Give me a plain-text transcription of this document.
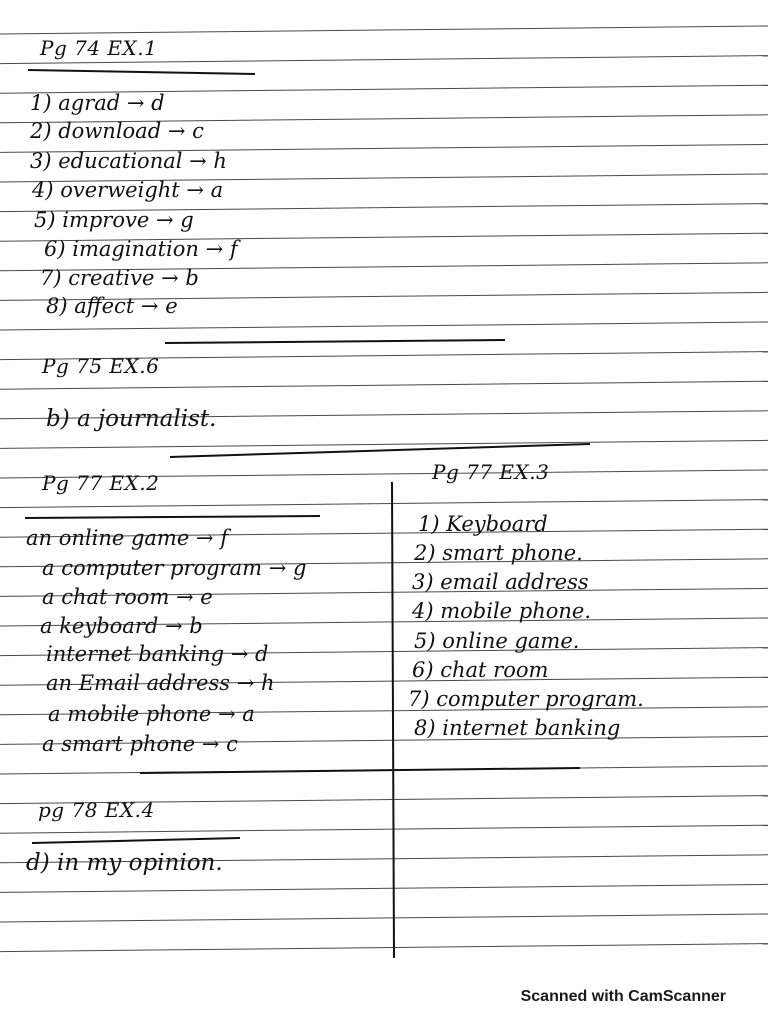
Pg 74 EX.1
1) agrad → d
2) download → c
3) educational → h
4) overweight → a
5) improve → g
6) imagination → f
7) creative → b
8) affect → e
Pg 75 EX.6
b) a journalist.
Pg 77 EX.2
an online game → f
a computer program → g
a chat room → e
a keyboard → b
internet banking → d
an Email address → h
a mobile phone → a
a smart phone → c
Pg 77 EX.3
1) Keyboard
2) smart phone.
3) email address
4) mobile phone.
5) online game.
6) chat room
7) computer program.
8) internet banking
pg 78 EX.4
d) in my opinion.
Scanned with CamScanner
